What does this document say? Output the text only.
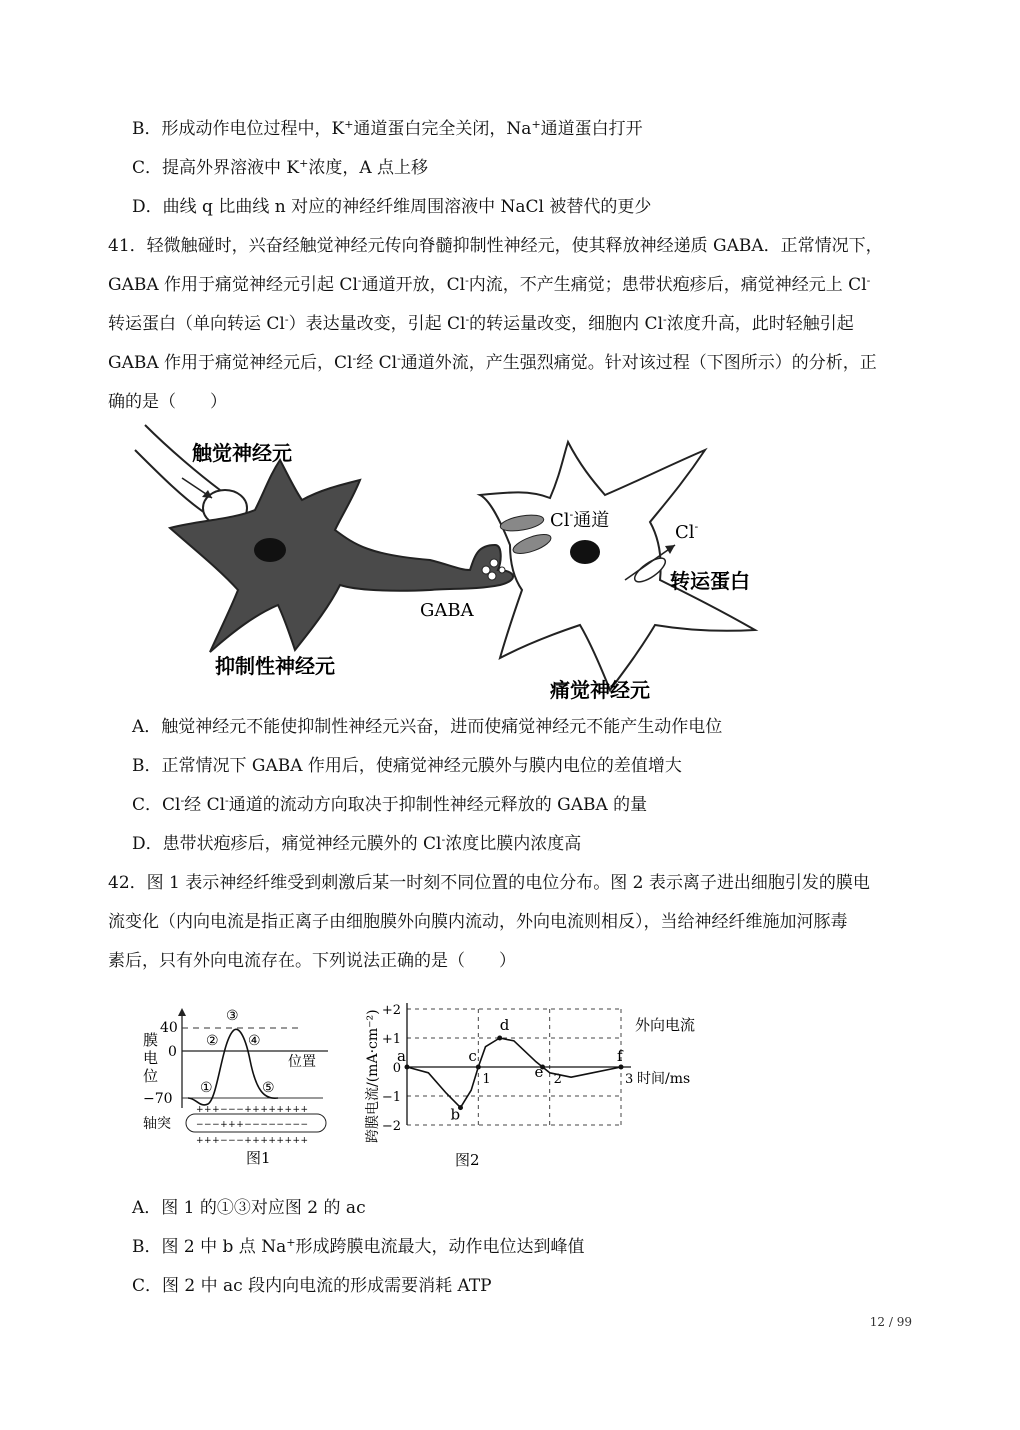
B．形成动作电位过程中，K+通道蛋白完全关闭，Na+通道蛋白打开
C．提高外界溶液中 K+浓度，A 点上移
D．曲线 q 比曲线 n 对应的神经纤维周围溶液中 NaCl 被替代的更少
41．轻微触碰时，兴奋经触觉神经元传向脊髓抑制性神经元，使其释放神经递质 GABA．正常情况下，
GABA 作用于痛觉神经元引起 Cl-通道开放，Cl-内流，不产生痛觉；患带状疱疹后，痛觉神经元上 Cl-
转运蛋白（单向转运 Cl-）表达量改变，引起 Cl-的转运量改变，细胞内 Cl-浓度升高，此时轻触引起
GABA 作用于痛觉神经元后，Cl-经 Cl-通道外流，产生强烈痛觉。针对该过程（下图所示）的分析，正
确的是（　　）
触觉神经元
抑制性神经元
GABA
痛觉神经元
Cl-通道
Cl-
转运蛋白
A．触觉神经元不能使抑制性神经元兴奋，进而使痛觉神经元不能产生动作电位
B．正常情况下 GABA 作用后，使痛觉神经元膜外与膜内电位的差值增大
C．Cl-经 Cl-通道的流动方向取决于抑制性神经元释放的 GABA 的量
D．患带状疱疹后，痛觉神经元膜外的 Cl-浓度比膜内浓度高
42．图 1 表示神经纤维受到刺激后某一时刻不同位置的电位分布。图 2 表示离子进出细胞引发的膜电
流变化（内向电流是指正离子由细胞膜外向膜内流动，外向电流则相反），当给神经纤维施加河豚毒
素后，只有外向电流存在。下列说法正确的是（　　）
膜
电
位
40
0
−70
位置
①
②
③
④
⑤
轴突
+++−−−++++++++
−−−+++−−−−−−−−
+++−−−++++++++
图1
跨膜电流/(mA·cm⁻²)	外向电流
图2
+2
+1
0
−1
−2
1	2	3 时间/ms
a
b
c
d
e
f
A．图 1 的①③对应图 2 的 ac
B．图 2 中 b 点 Na+形成跨膜电流最大，动作电位达到峰值
C．图 2 中 ac 段内向电流的形成需要消耗 ATP
12 / 99
